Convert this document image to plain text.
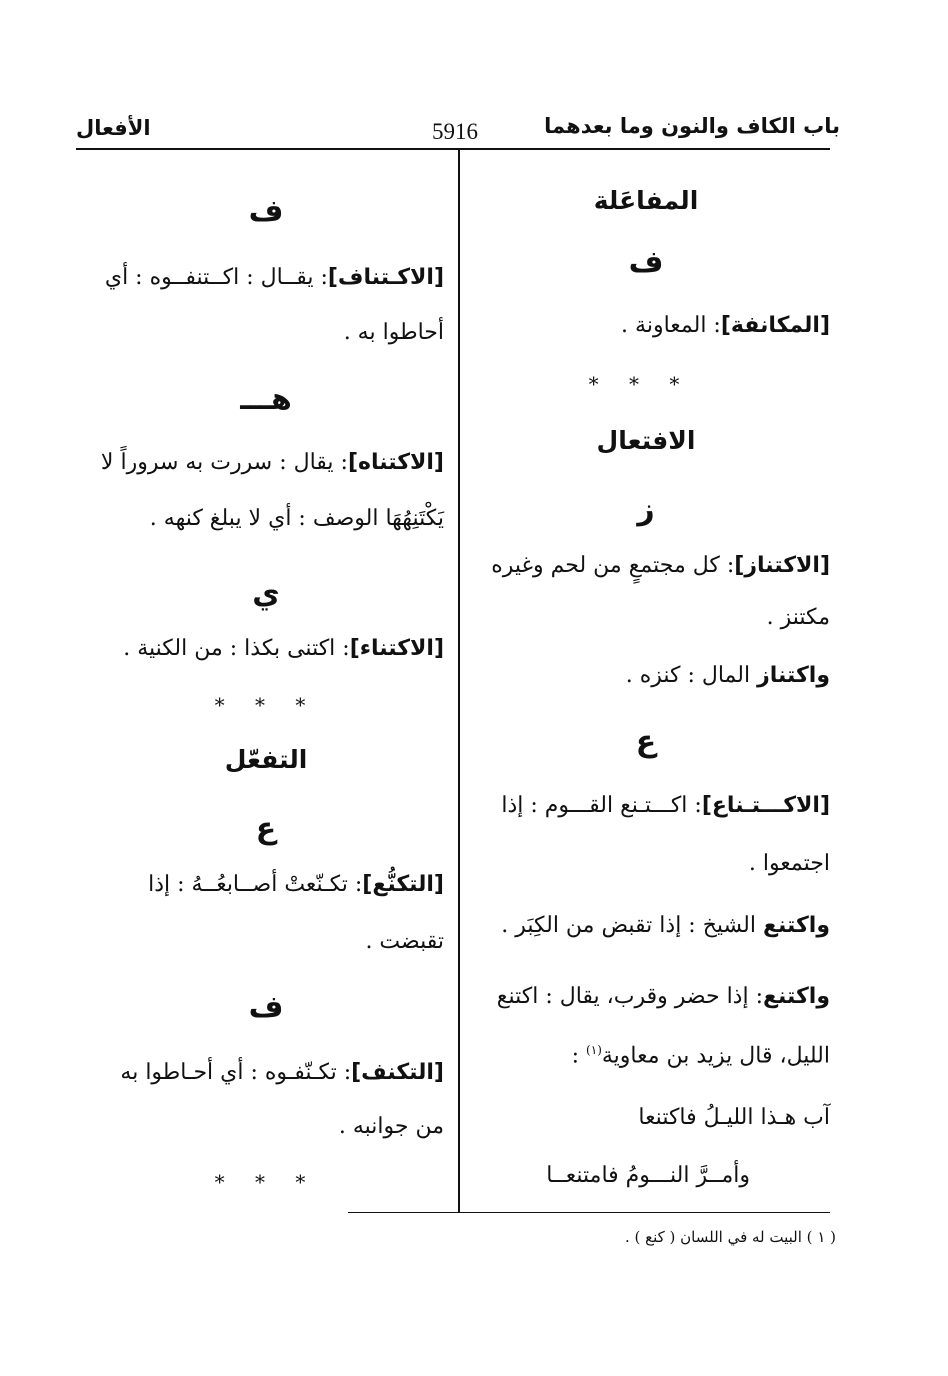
باب الكاف والنون وما بعدهما
5916
الأفعال
المفاعَلة
ف
[المكانفة]: المعاونة .
* * *
الافتعال
ز
[الاكتناز]: كل مجتمعٍ من لحم وغيره
مكتنز .
واكتناز المال : كنزه .
ع
[الاكـــتـناع]: اكـــتـنع القـــوم : إذا
اجتمعوا .
واكتنع الشيخ : إذا تقبض من الكِبَر .
واكتنع: إذا حضر وقرب، يقال : اكتنع
الليل، قال يزيد بن معاوية$^{(١)}$ :
آب هـذا الليـلُ فاكتنعا
وأمــرَّ النـــومُ فامتنعــا
ف
[الاكـتناف]: يقــال : اكــتنفــوه : أي
أحاطوا به .
هـــ
[الاكتناه]: يقال : سررت به سروراً لا
يَكْتَنِهُهَا الوصف : أي لا يبلغ كنهه .
ي
[الاكتناء]: اكتنى بكذا : من الكنية .
* * *
التفعّل
ع
[التكنُّع]: تكـنّعتْ أصــابعُــهُ : إذا
تقبضت .
ف
[التكنف]: تكـنّفـوه : أي أحـاطوا به
من جوانبه .
* * *
( ١ ) البيت له في اللسان ( كنع ) .
